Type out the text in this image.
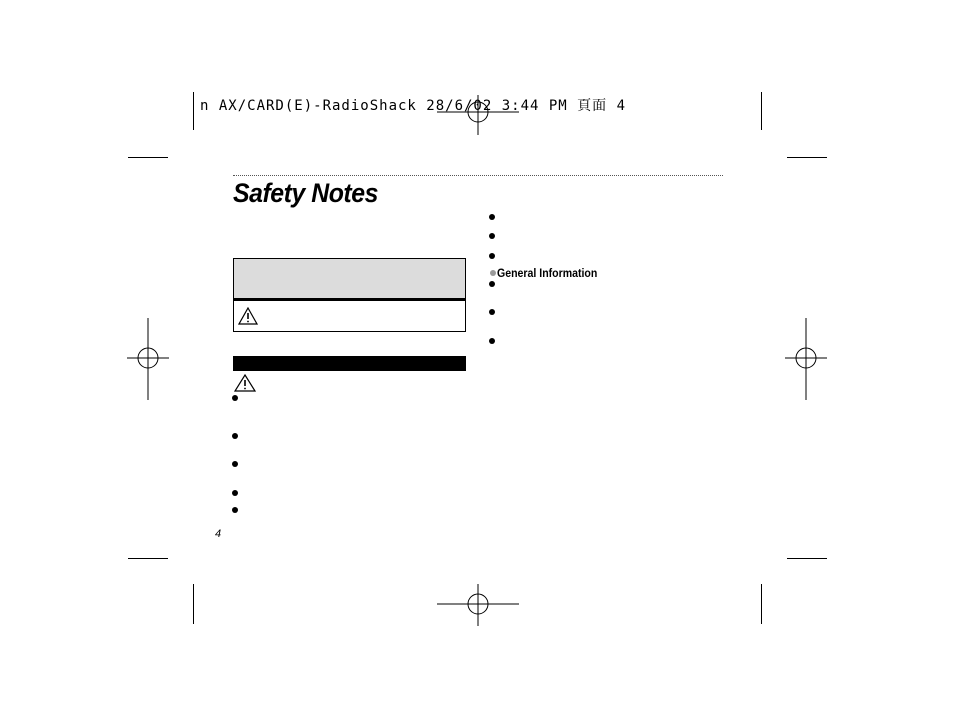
n AX/CARD(E)-RadioShack 28/6/02 3:44 PM 頁面 4
Safety Notes
General Information
4
